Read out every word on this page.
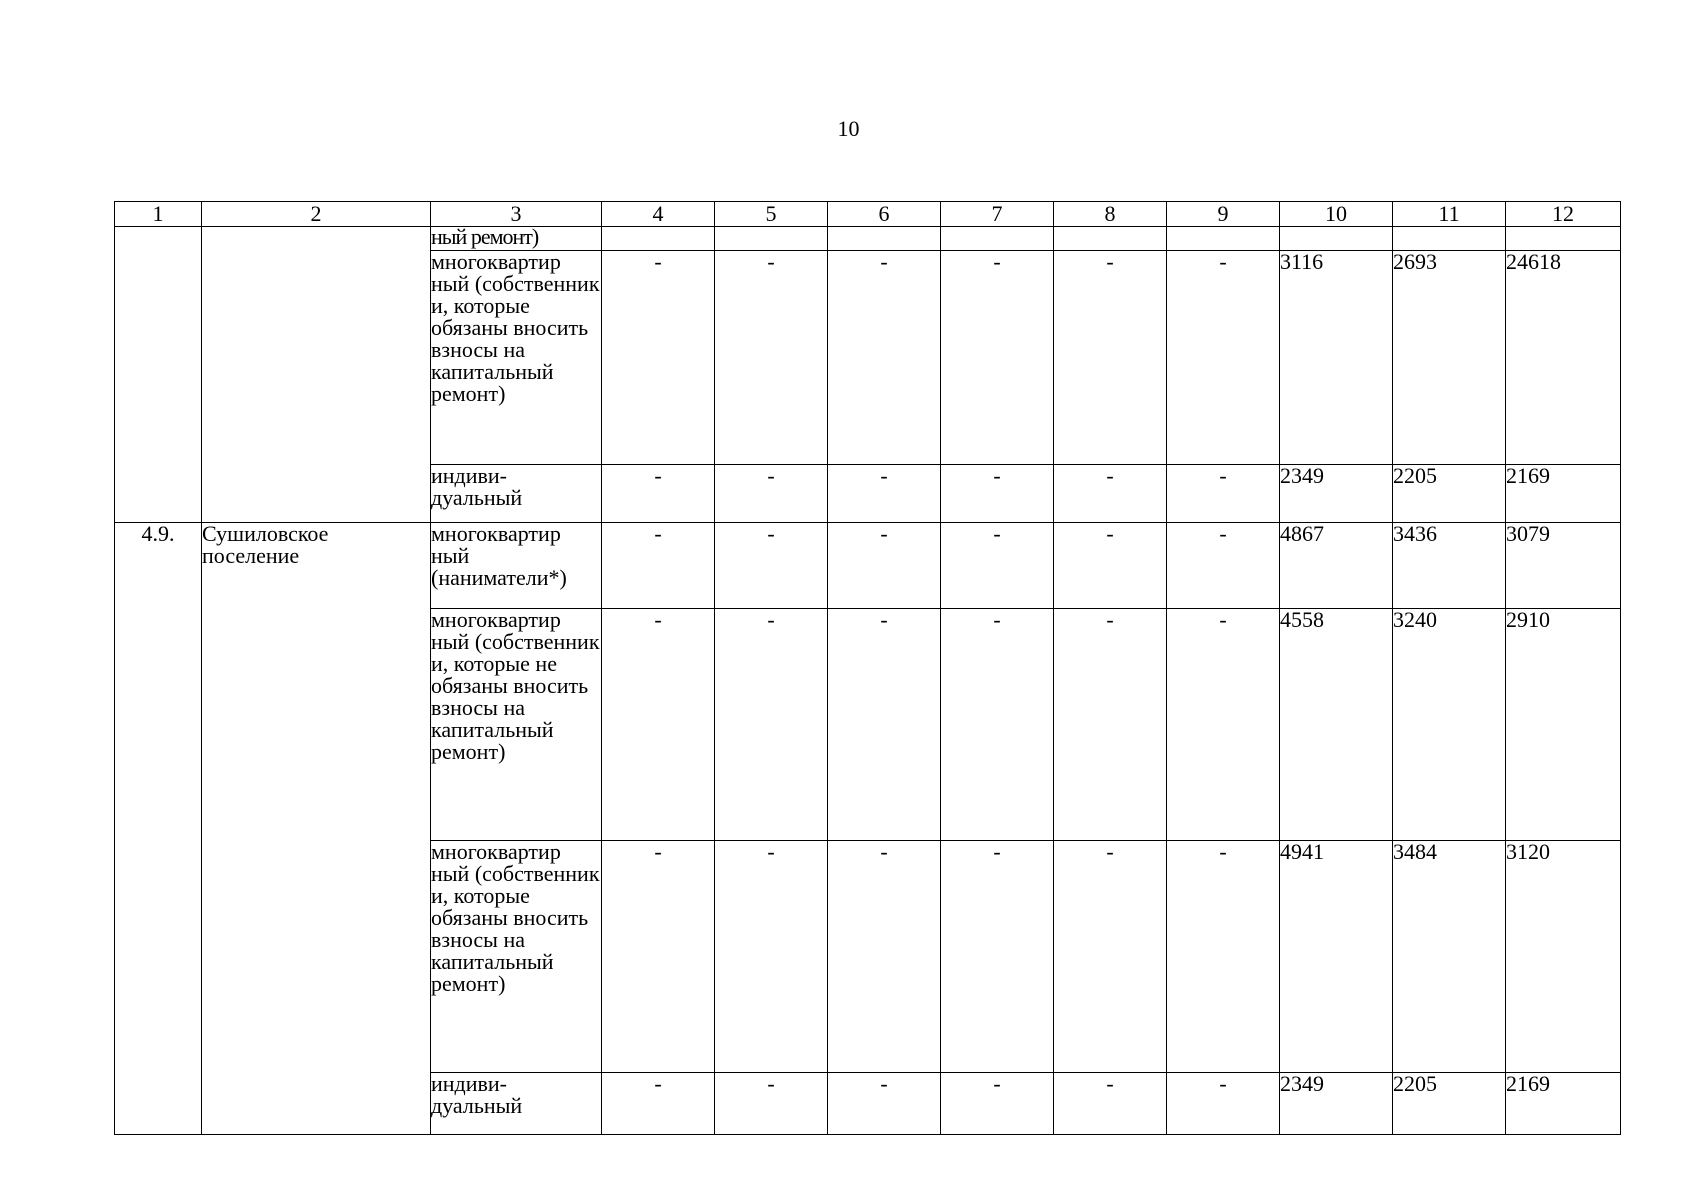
10
1	2	3	4	5	6	7	8	9	10	11	12
		ный ремонт)									
		многоквартир ный (собственник и, которые обязаны вносить взносы на капитальный ремонт)	-	-	-	-	-	-	3116	2693	24618
		индиви- дуальный	-	-	-	-	-	-	2349	2205	2169
4.9.	Сушиловское поселение	многоквартир ный (наниматели*)	-	-	-	-	-	-	4867	3436	3079
		многоквартир ный (собственник и, которые не обязаны вносить взносы на капитальный ремонт)	-	-	-	-	-	-	4558	3240	2910
		многоквартир ный (собственник и, которые обязаны вносить взносы на капитальный ремонт)	-	-	-	-	-	-	4941	3484	3120
		индиви- дуальный	-	-	-	-	-	-	2349	2205	2169
